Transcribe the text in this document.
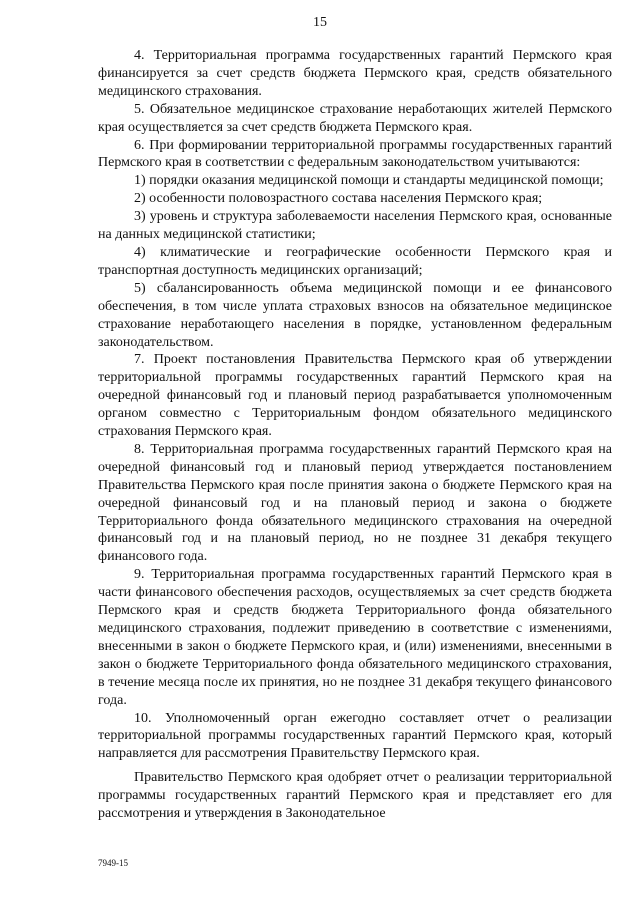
15

4. Территориальная программа государственных гарантий Пермского края финансируется за счет средств бюджета Пермского края, средств обязательного медицинского страхования.

5. Обязательное медицинское страхование неработающих жителей Пермского края осуществляется за счет средств бюджета Пермского края.

6. При формировании территориальной программы государственных гарантий Пермского края в соответствии с федеральным законодательством учитываются:

1) порядки оказания медицинской помощи и стандарты медицинской помощи;

2) особенности половозрастного состава населения Пермского края;

3) уровень и структура заболеваемости населения Пермского края, основанные на данных медицинской статистики;

4) климатические и географические особенности Пермского края и транспортная доступность медицинских организаций;

5) сбалансированность объема медицинской помощи и ее финансового обеспечения, в том числе уплата страховых взносов на обязательное медицинское страхование неработающего населения в порядке, установленном федеральным законодательством.

7. Проект постановления Правительства Пермского края об утверждении территориальной программы государственных гарантий Пермского края на очередной финансовый год и плановый период разрабатывается уполномоченным органом совместно с Территориальным фондом обязательного медицинского страхования Пермского края.

8. Территориальная программа государственных гарантий Пермского края на очередной финансовый год и плановый период утверждается постановлением Правительства Пермского края после принятия закона о бюджете Пермского края на очередной финансовый год и на плановый период и закона о бюджете Территориального фонда обязательного медицинского страхования на очередной финансовый год и на плановый период, но не позднее 31 декабря текущего финансового года.

9. Территориальная программа государственных гарантий Пермского края в части финансового обеспечения расходов, осуществляемых за счет средств бюджета Пермского края и средств бюджета Территориального фонда обязательного медицинского страхования, подлежит приведению в соответствие с изменениями, внесенными в закон о бюджете Пермского края, и (или) изменениями, внесенными в закон о бюджете Территориального фонда обязательного медицинского страхования, в течение месяца после их принятия, но не позднее 31 декабря текущего финансового года.

10. Уполномоченный орган ежегодно составляет отчет о реализации территориальной программы государственных гарантий Пермского края, который направляется для рассмотрения Правительству Пермского края.

Правительство Пермского края одобряет отчет о реализации территориальной программы государственных гарантий Пермского края и представляет его для рассмотрения и утверждения в Законодательное

7949-15
